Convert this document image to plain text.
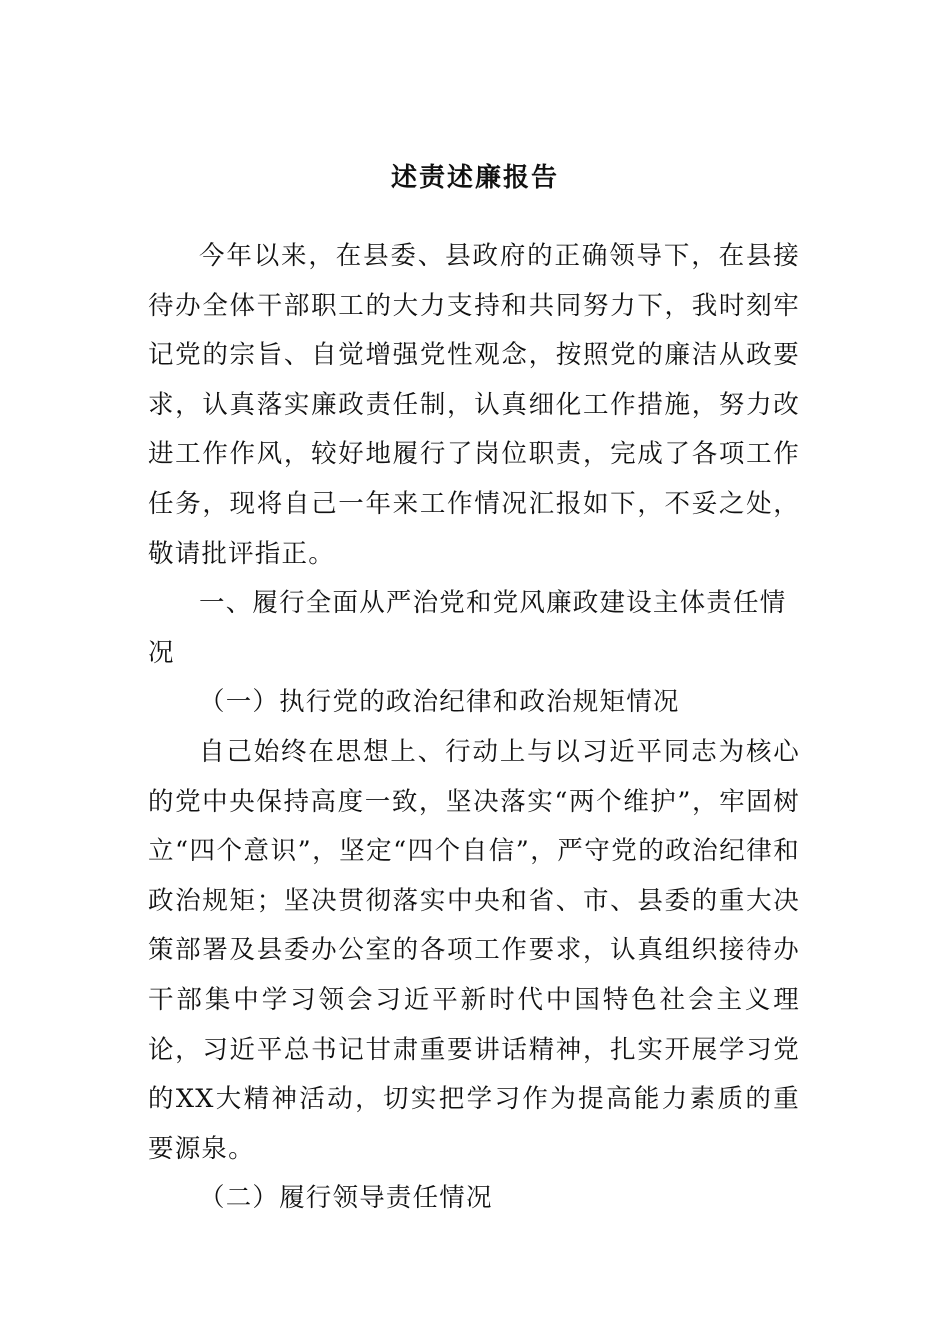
述责述廉报告

今年以来，在县委、县政府的正确领导下，在县接待办全体干部职工的大力支持和共同努力下，我时刻牢记党的宗旨、自觉增强党性观念，按照党的廉洁从政要求，认真落实廉政责任制，认真细化工作措施，努力改进工作作风，较好地履行了岗位职责，完成了各项工作任务，现将自己一年来工作情况汇报如下，不妥之处，敬请批评指正。

一、履行全面从严治党和党风廉政建设主体责任情况

（一）执行党的政治纪律和政治规矩情况

自己始终在思想上、行动上与以习近平同志为核心的党中央保持高度一致，坚决落实“两个维护”，牢固树立“四个意识”，坚定“四个自信”，严守党的政治纪律和政治规矩；坚决贯彻落实中央和省、市、县委的重大决策部署及县委办公室的各项工作要求，认真组织接待办干部集中学习领会习近平新时代中国特色社会主义理论，习近平总书记甘肃重要讲话精神，扎实开展学习党的XX大精神活动，切实把学习作为提高能力素质的重要源泉。

（二）履行领导责任情况
